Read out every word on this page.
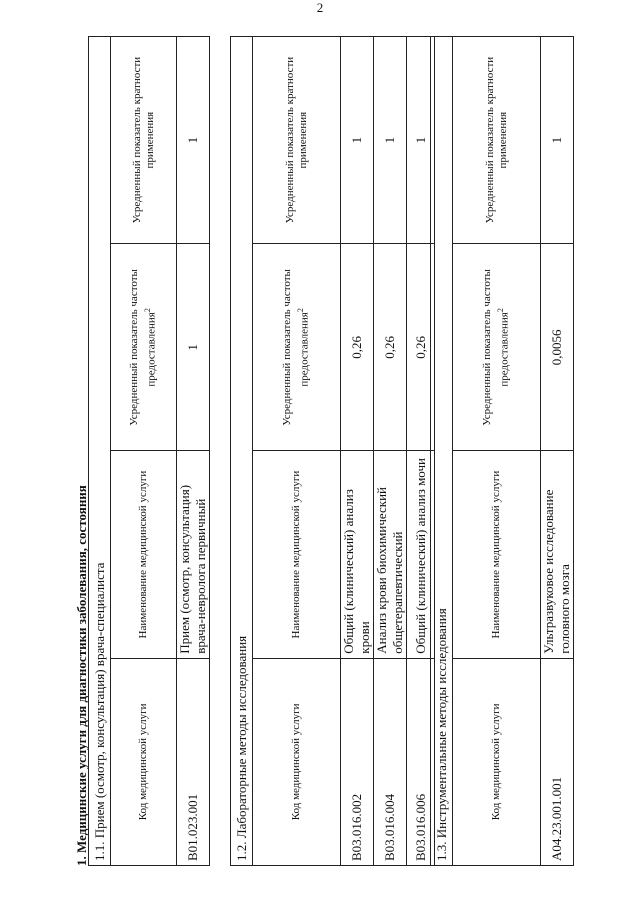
2
1. Медицинские услуги для диагностики заболевания, состояния 1.1. Прием (осмотр, консультация) врача-специалиста			
Код медицинской услуги	Наименование медицинской услуги	Усредненный показатель частоты предоставления$^2$	Усредненный показатель кратности применения
B01.023.001	Прием (осмотр, консультация) врача-невролога первичный	1	1
1.2. Лабораторные методы исследования			
Код медицинской услуги	Наименование медицинской услуги	Усредненный показатель частоты предоставления$^2$	Усредненный показатель кратности применения
B03.016.002	Общий (клинический) анализ крови	0,26	1
B03.016.004	Анализ крови биохимический общетерапевтический	0,26	1
B03.016.006	Общий (клинический) анализ мочи	0,26	1
1.3. Инструментальные методы исследования			
Код медицинской услуги	Наименование медицинской услуги	Усредненный показатель частоты предоставления$^2$	Усредненный показатель кратности применения
A04.23.001.001	Ультразвуковое исследование головного мозга	0,0056	1
